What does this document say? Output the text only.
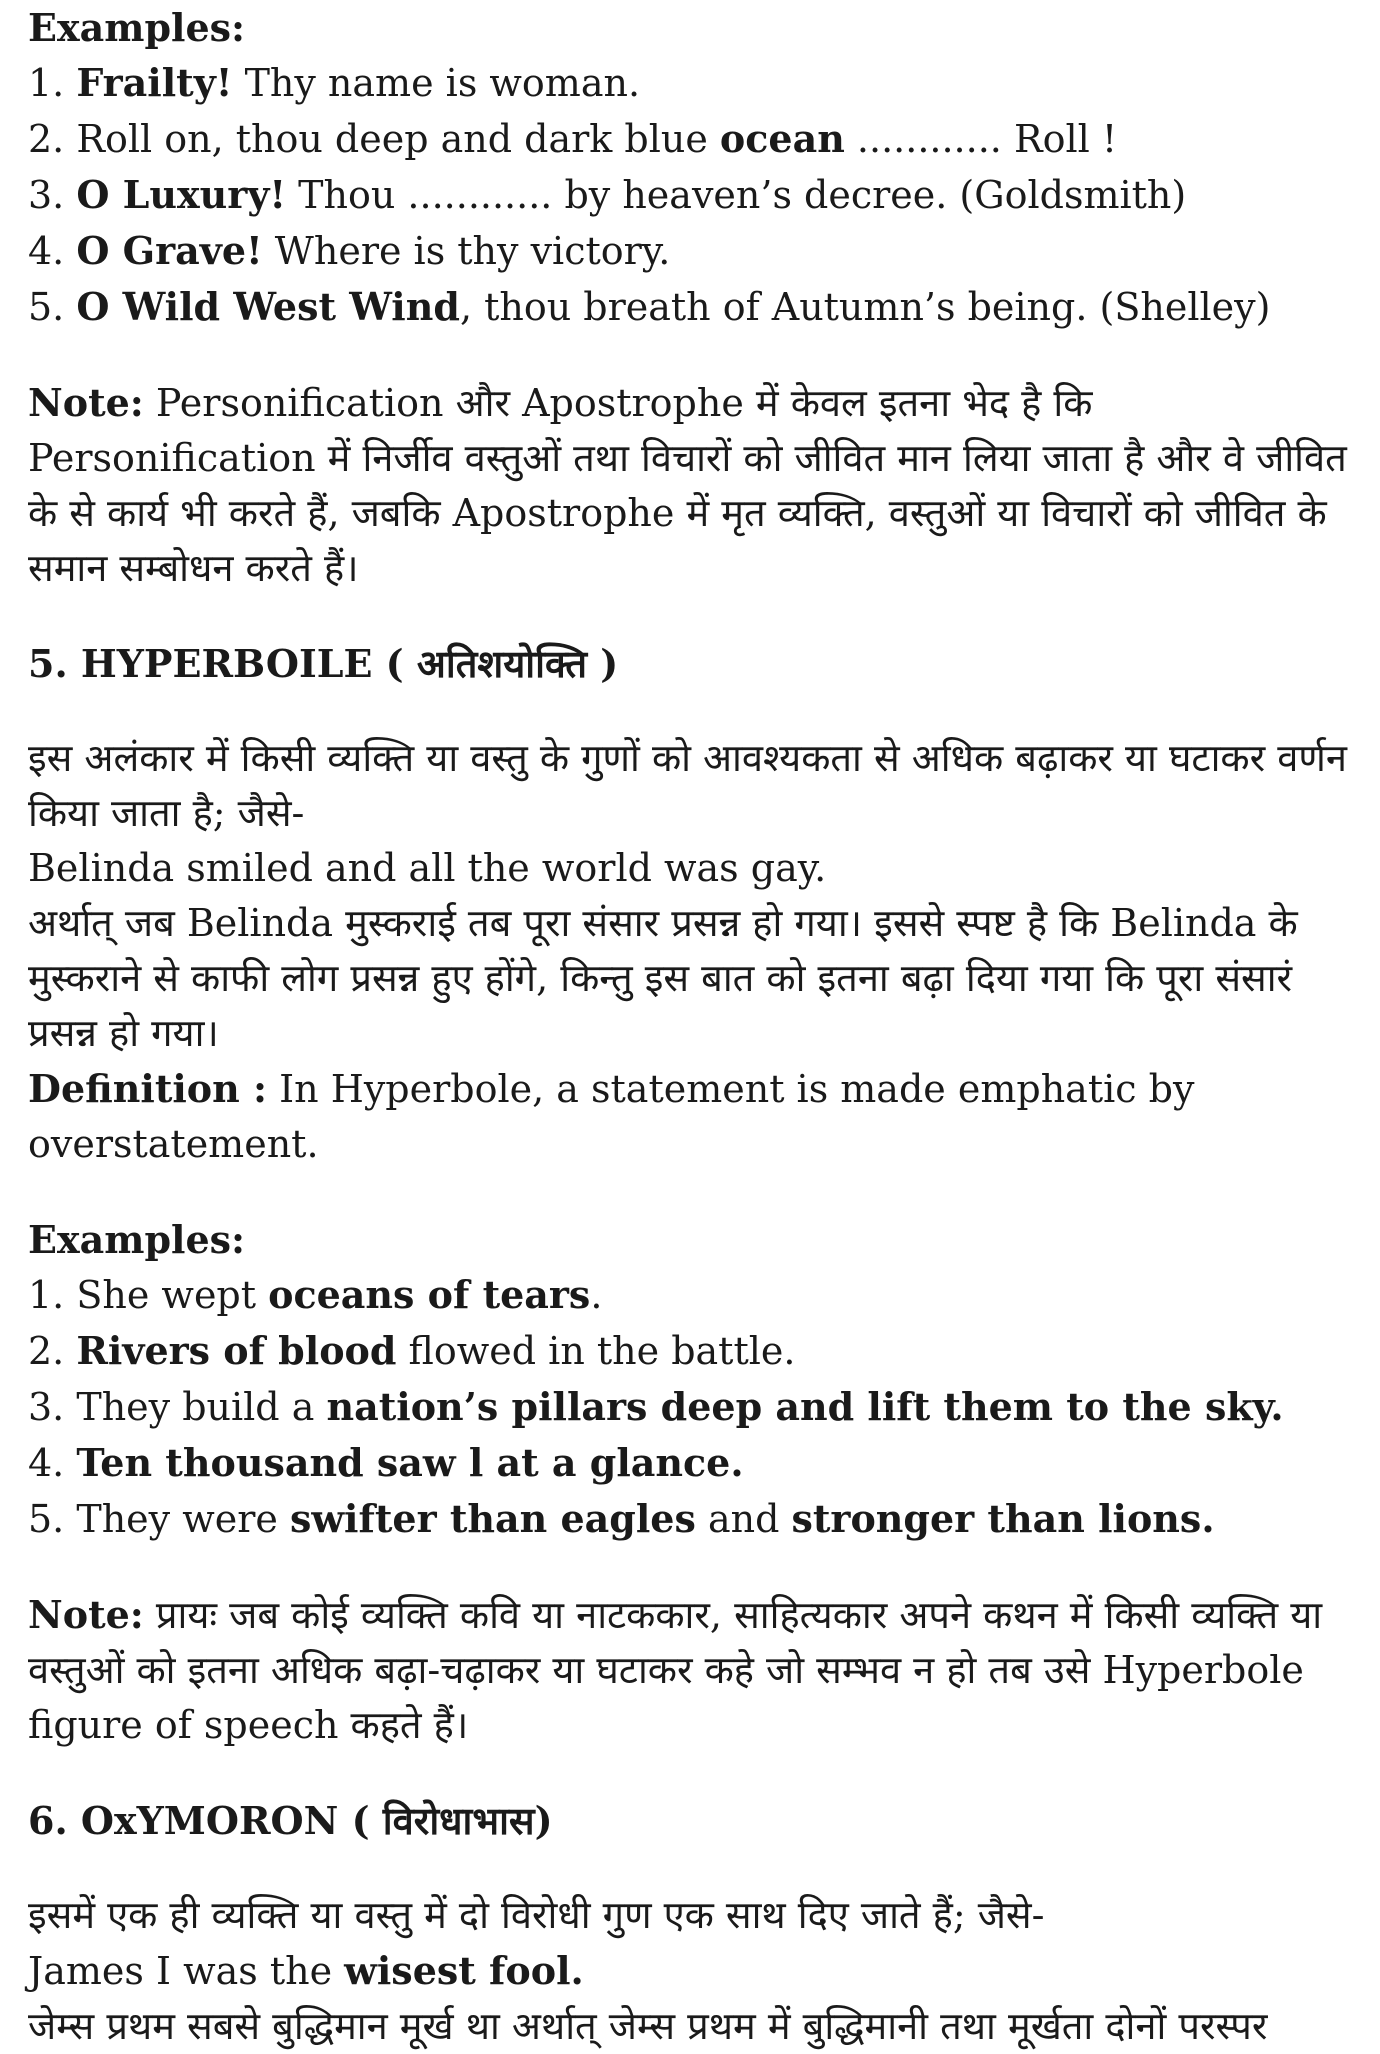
Examples:
1. Frailty! Thy name is woman.
2. Roll on, thou deep and dark blue ocean ............ Roll !
3. O Luxury! Thou ............ by heaven’s decree. (Goldsmith)
4. O Grave! Where is thy victory.
5. O Wild West Wind, thou breath of Autumn’s being. (Shelley)
Note: Personification और Apostrophe में केवल इतना भेद है कि
Personification में निर्जीव वस्तुओं तथा विचारों को जीवित मान लिया जाता है और वे जीवित
के से कार्य भी करते हैं, जबकि Apostrophe में मृत व्यक्ति, वस्तुओं या विचारों को जीवित के
समान सम्बोधन करते हैं।
5. HYPERBOILE ( अतिशयोक्ति )
इस अलंकार में किसी व्यक्ति या वस्तु के गुणों को आवश्यकता से अधिक बढ़ाकर या घटाकर वर्णन
किया जाता है; जैसे-
Belinda smiled and all the world was gay.
अर्थात् जब Belinda मुस्कराई तब पूरा संसार प्रसन्न हो गया। इससे स्पष्ट है कि Belinda के
मुस्कराने से काफी लोग प्रसन्न हुए होंगे, किन्तु इस बात को इतना बढ़ा दिया गया कि पूरा संसारं
प्रसन्न हो गया।
Definition : In Hyperbole, a statement is made emphatic by
overstatement.
Examples:
1. She wept oceans of tears.
2. Rivers of blood flowed in the battle.
3. They build a nation’s pillars deep and lift them to the sky.
4. Ten thousand saw l at a glance.
5. They were swifter than eagles and stronger than lions.
Note: प्रायः जब कोई व्यक्ति कवि या नाटककार, साहित्यकार अपने कथन में किसी व्यक्ति या
वस्तुओं को इतना अधिक बढ़ा-चढ़ाकर या घटाकर कहे जो सम्भव न हो तब उसे Hyperbole
figure of speech कहते हैं।
6. OxYMORON ( विरोधाभास)
इसमें एक ही व्यक्ति या वस्तु में दो विरोधी गुण एक साथ दिए जाते हैं; जैसे-
James I was the wisest fool.
जेम्स प्रथम सबसे बुद्धिमान मूर्ख था अर्थात् जेम्स प्रथम में बुद्धिमानी तथा मूर्खता दोनों परस्पर
